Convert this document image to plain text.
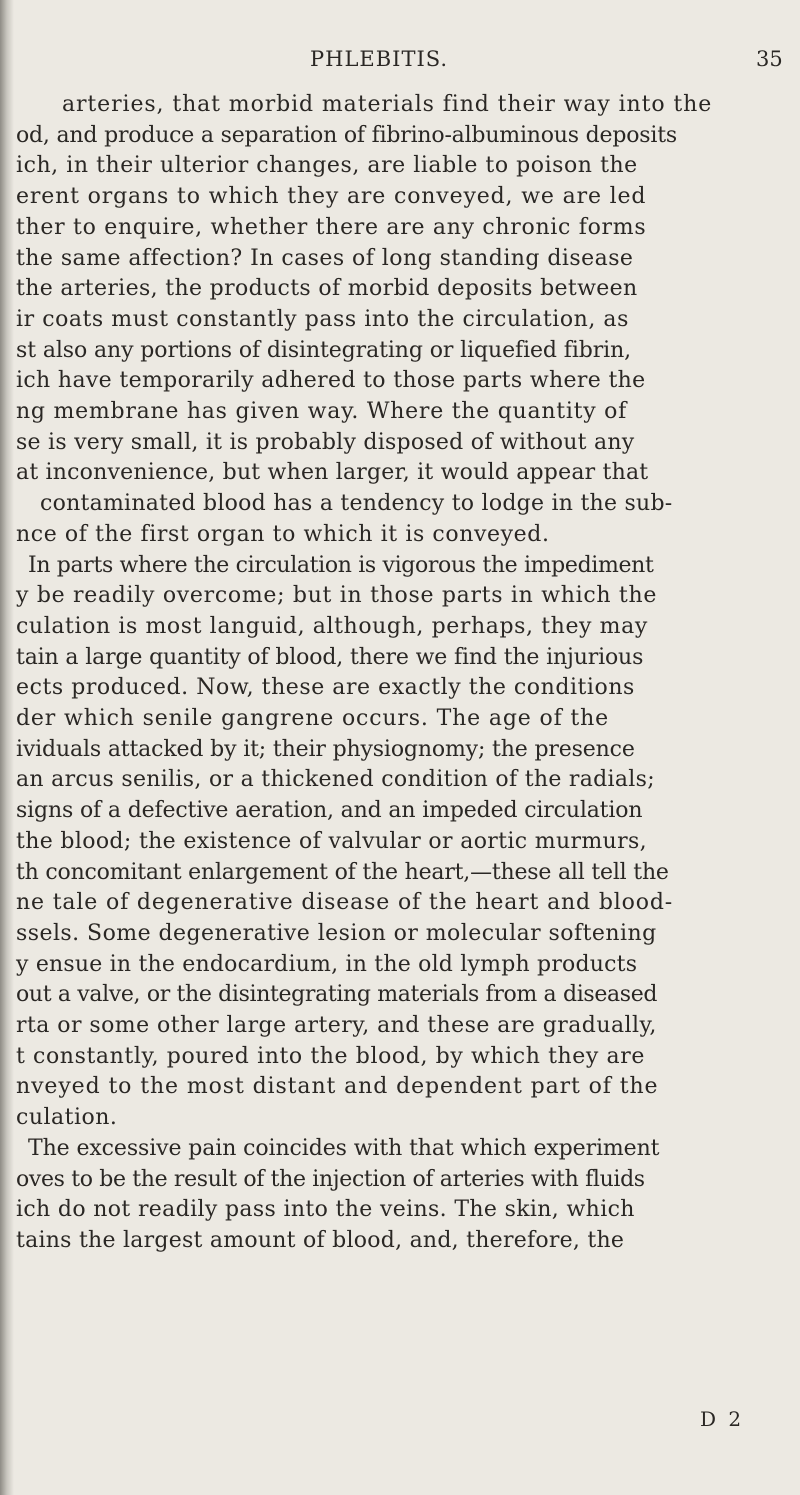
PHLEBITIS.	35
arteries, that morbid materials find their way into the
od, and produce a separation of fibrino-albuminous deposits
ich, in their ulterior changes, are liable to poison the
erent organs to which they are conveyed, we are led
ther to enquire, whether there are any chronic forms
the same affection? In cases of long standing disease
the arteries, the products of morbid deposits between
ir coats must constantly pass into the circulation, as
st also any portions of disintegrating or liquefied fibrin,
ich have temporarily adhered to those parts where the
ng membrane has given way. Where the quantity of
se is very small, it is probably disposed of without any
at inconvenience, but when larger, it would appear that
contaminated blood has a tendency to lodge in the sub-
nce of the first organ to which it is conveyed.
In parts where the circulation is vigorous the impediment
y be readily overcome; but in those parts in which the
culation is most languid, although, perhaps, they may
tain a large quantity of blood, there we find the injurious
ects produced. Now, these are exactly the conditions
der which senile gangrene occurs. The age of the
ividuals attacked by it; their physiognomy; the presence
an arcus senilis, or a thickened condition of the radials;
signs of a defective aeration, and an impeded circulation
the blood; the existence of valvular or aortic murmurs,
th concomitant enlargement of the heart,—these all tell the
ne tale of degenerative disease of the heart and blood-
ssels. Some degenerative lesion or molecular softening
y ensue in the endocardium, in the old lymph products
out a valve, or the disintegrating materials from a diseased
rta or some other large artery, and these are gradually,
t constantly, poured into the blood, by which they are
nveyed to the most distant and dependent part of the
culation.
The excessive pain coincides with that which experiment
oves to be the result of the injection of arteries with fluids
ich do not readily pass into the veins. The skin, which
tains the largest amount of blood, and, therefore, the
D 2
